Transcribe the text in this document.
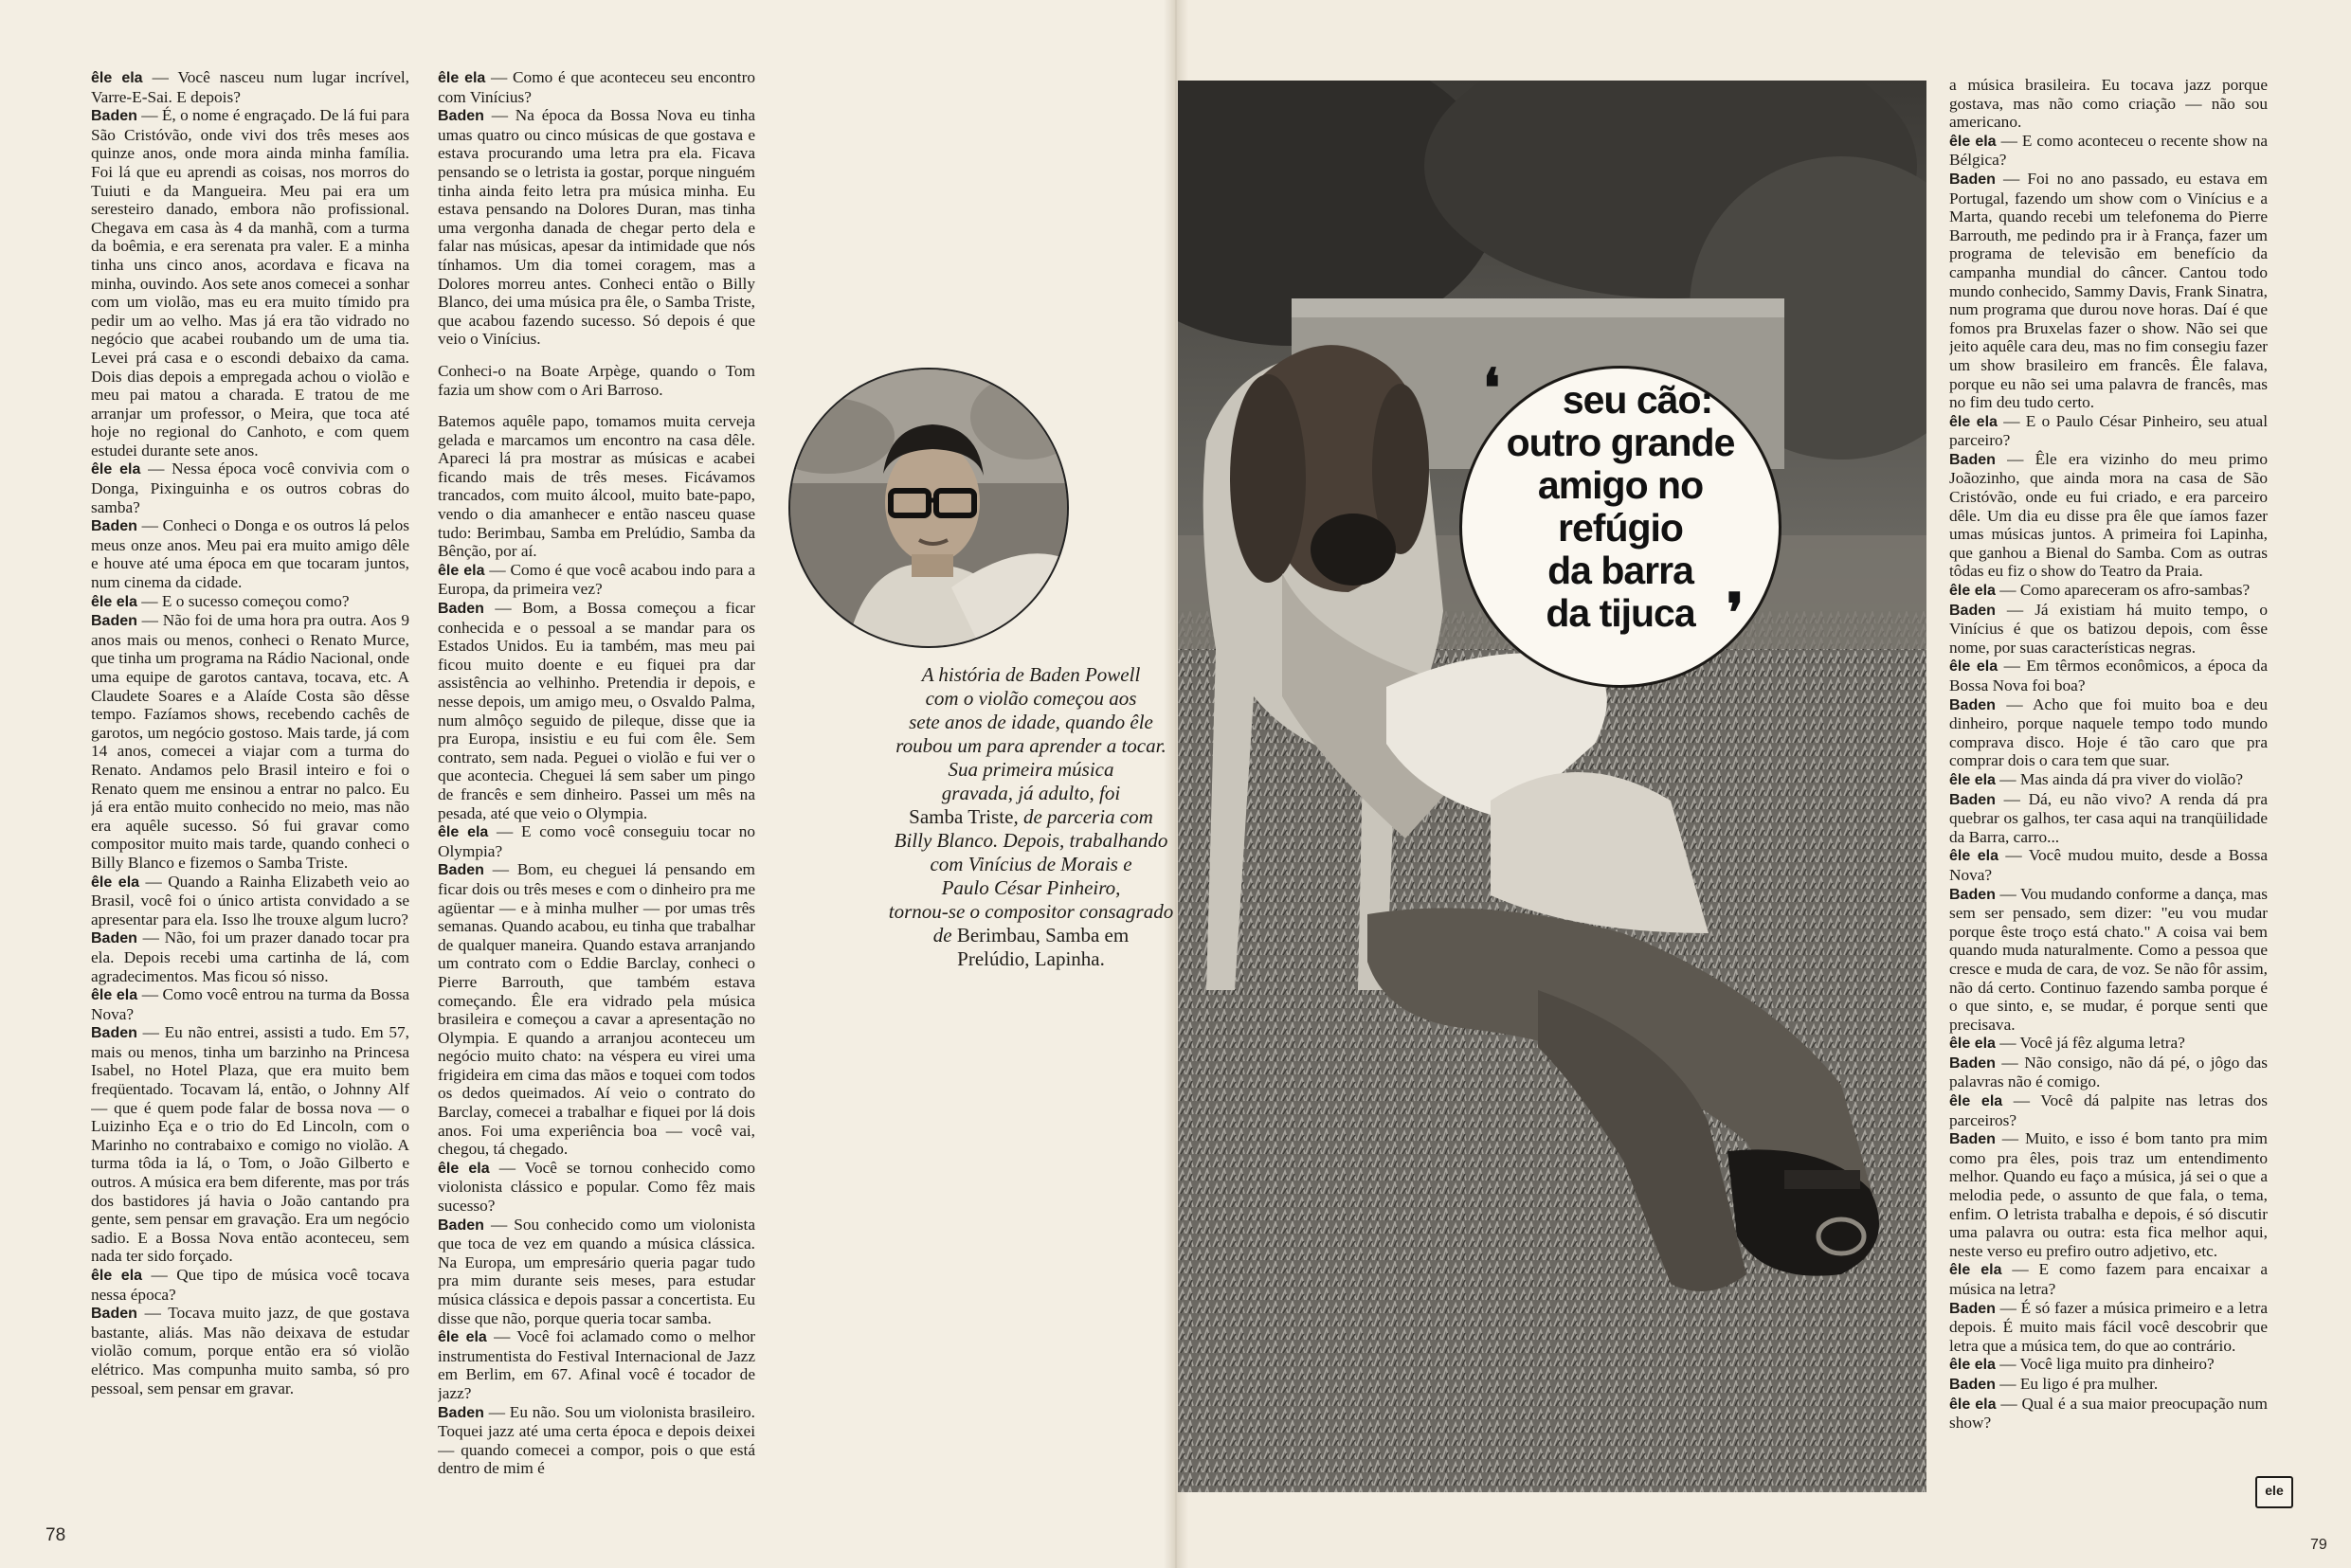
êle ela — Você nasceu num lugar incrível, Varre-E-Sai. E depois?

Baden — É, o nome é engraçado. De lá fui para São Cristóvão, onde vivi dos três meses aos quinze anos, onde mora ainda minha família. Foi lá que eu aprendi as coisas, nos morros do Tuiuti e da Mangueira. Meu pai era um seresteiro danado, embora não profissional. Chegava em casa às 4 da manhã, com a turma da boêmia, e era serenata pra valer. E a minha tinha uns cinco anos, acordava e ficava na minha, ouvindo. Aos sete anos comecei a sonhar com um violão, mas eu era muito tímido pra pedir um ao velho. Mas já era tão vidrado no negócio que acabei roubando um de uma tia. Levei prá casa e o escondi debaixo da cama. Dois dias depois a empregada achou o violão e meu pai matou a charada. E tratou de me arranjar um professor, o Meira, que toca até hoje no regional do Canhoto, e com quem estudei durante sete anos.

êle ela — Nessa época você convivia com o Donga, Pixinguinha e os outros cobras do samba?

Baden — Conheci o Donga e os outros lá pelos meus onze anos. Meu pai era muito amigo dêle e houve até uma época em que tocaram juntos, num cinema da cidade.

êle ela — E o sucesso começou como?

Baden — Não foi de uma hora pra outra. Aos 9 anos mais ou menos, conheci o Renato Murce, que tinha um programa na Rádio Nacional, onde uma equipe de garotos cantava, tocava, etc. A Claudete Soares e a Alaíde Costa são dêsse tempo. Fazíamos shows, recebendo cachês de garotos, um negócio gostoso. Mais tarde, já com 14 anos, comecei a viajar com a turma do Renato. Andamos pelo Brasil inteiro e foi o Renato quem me ensinou a entrar no palco. Eu já era então muito conhecido no meio, mas não era aquêle sucesso. Só fui gravar como compositor muito mais tarde, quando conheci o Billy Blanco e fizemos o Samba Triste.

êle ela — Quando a Rainha Elizabeth veio ao Brasil, você foi o único artista convidado a se apresentar para ela. Isso lhe trouxe algum lucro?

Baden — Não, foi um prazer danado tocar pra ela. Depois recebi uma cartinha de lá, com agradecimentos. Mas ficou só nisso.

êle ela — Como você entrou na turma da Bossa Nova?

Baden — Eu não entrei, assisti a tudo. Em 57, mais ou menos, tinha um barzinho na Princesa Isabel, no Hotel Plaza, que era muito bem freqüentado. Tocavam lá, então, o Johnny Alf — que é quem pode falar de bossa nova — o Luizinho Eça e o trio do Ed Lincoln, com o Marinho no contrabaixo e comigo no violão. A turma tôda ia lá, o Tom, o João Gilberto e outros. A música era bem diferente, mas por trás dos bastidores já havia o João cantando pra gente, sem pensar em gravação. Era um negócio sadio. E a Bossa Nova então aconteceu, sem nada ter sido forçado.

êle ela — Que tipo de música você tocava nessa época?

Baden — Tocava muito jazz, de que gostava bastante, aliás. Mas não deixava de estudar violão comum, porque então era só violão elétrico. Mas compunha muito samba, só pro pessoal, sem pensar em gravar.

êle ela — Como é que aconteceu seu encontro com Vinícius?

Baden — Na época da Bossa Nova eu tinha umas quatro ou cinco músicas de que gostava e estava procurando uma letra pra ela. Ficava pensando se o letrista ia gostar, porque ninguém tinha ainda feito letra pra música minha. Eu estava pensando na Dolores Duran, mas tinha uma vergonha danada de chegar perto dela e falar nas músicas, apesar da intimidade que nós tínhamos. Um dia tomei coragem, mas a Dolores morreu antes. Conheci então o Billy Blanco, dei uma música pra êle, o Samba Triste, que acabou fazendo sucesso. Só depois é que veio o Vinícius.

Conheci-o na Boate Arpège, quando o Tom fazia um show com o Ari Barroso.

Batemos aquêle papo, tomamos muita cerveja gelada e marcamos um encontro na casa dêle. Apareci lá pra mostrar as músicas e acabei ficando mais de três meses. Ficávamos trancados, com muito álcool, muito bate-papo, vendo o dia amanhecer e então nasceu quase tudo: Berimbau, Samba em Prelúdio, Samba da Bênção, por aí.

êle ela — Como é que você acabou indo para a Europa, da primeira vez?

Baden — Bom, a Bossa começou a ficar conhecida e o pessoal a se mandar para os Estados Unidos. Eu ia também, mas meu pai ficou muito doente e eu fiquei pra dar assistência ao velhinho. Pretendia ir depois, e nesse depois, um amigo meu, o Osvaldo Palma, num almôço seguido de pileque, disse que ia pra Europa, insistiu e eu fui com êle. Sem contrato, sem nada. Peguei o violão e fui ver o que acontecia. Cheguei lá sem saber um pingo de francês e sem dinheiro. Passei um mês na pesada, até que veio o Olympia.

êle ela — E como você conseguiu tocar no Olympia?

Baden — Bom, eu cheguei lá pensando em ficar dois ou três meses e com o dinheiro pra me agüentar — e à minha mulher — por umas três semanas. Quando acabou, eu tinha que trabalhar de qualquer maneira. Quando estava arranjando um contrato com o Eddie Barclay, conheci o Pierre Barrouth, que também estava começando. Êle era vidrado pela música brasileira e começou a cavar a apresentação no Olympia. E quando a arranjou aconteceu um negócio muito chato: na véspera eu virei uma frigideira em cima das mãos e toquei com todos os dedos queimados. Aí veio o contrato do Barclay, comecei a trabalhar e fiquei por lá dois anos. Foi uma experiência boa — você vai, chegou, tá chegado.

êle ela — Você se tornou conhecido como violonista clássico e popular. Como fêz mais sucesso?

Baden — Sou conhecido como um violonista que toca de vez em quando a música clássica. Na Europa, um empresário queria pagar tudo pra mim durante seis meses, para estudar música clássica e depois passar a concertista. Eu disse que não, porque queria tocar samba.

êle ela — Você foi aclamado como o melhor instrumentista do Festival Internacional de Jazz em Berlim, em 67. Afinal você é tocador de jazz?

Baden — Eu não. Sou um violonista brasileiro. Toquei jazz até uma certa época e depois deixei — quando comecei a compor, pois o que está dentro de mim é

A história de Baden Powell
com o violão começou aos
sete anos de idade, quando êle
roubou um para aprender a tocar.
Sua primeira música
gravada, já adulto, foi
Samba Triste, de parceria com
Billy Blanco. Depois, trabalhando
com Vinícius de Morais e
Paulo César Pinheiro,
tornou-se o compositor consagrado
de Berimbau, Samba em
Prelúdio, Lapinha.
❛	seu cão:
outro grande
amigo no
refúgio
da barra
da tijuca ❜

a música brasileira. Eu tocava jazz porque gostava, mas não como criação — não sou americano.

êle ela — E como aconteceu o recente show na Bélgica?

Baden — Foi no ano passado, eu estava em Portugal, fazendo um show com o Vinícius e a Marta, quando recebi um telefonema do Pierre Barrouth, me pedindo pra ir à França, fazer um programa de televisão em benefício da campanha mundial do câncer. Cantou todo mundo conhecido, Sammy Davis, Frank Sinatra, num programa que durou nove horas. Daí é que fomos pra Bruxelas fazer o show. Não sei que jeito aquêle cara deu, mas no fim consegiu fazer um show brasileiro em francês. Êle falava, porque eu não sei uma palavra de francês, mas no fim deu tudo certo.

êle ela — E o Paulo César Pinheiro, seu atual parceiro?

Baden — Êle era vizinho do meu primo Joãozinho, que ainda mora na casa de São Cristóvão, onde eu fui criado, e era parceiro dêle. Um dia eu disse pra êle que íamos fazer umas músicas juntos. A primeira foi Lapinha, que ganhou a Bienal do Samba. Com as outras tôdas eu fiz o show do Teatro da Praia.

êle ela — Como apareceram os afro-sambas?

Baden — Já existiam há muito tempo, o Vinícius é que os batizou depois, com êsse nome, por suas características negras.

êle ela — Em têrmos econômicos, a época da Bossa Nova foi boa?

Baden — Acho que foi muito boa e deu dinheiro, porque naquele tempo todo mundo comprava disco. Hoje é tão caro que pra comprar dois o cara tem que suar.

êle ela — Mas ainda dá pra viver do violão?

Baden — Dá, eu não vivo? A renda dá pra quebrar os galhos, ter casa aqui na tranqüilidade da Barra, carro...

êle ela — Você mudou muito, desde a Bossa Nova?

Baden — Vou mudando conforme a dança, mas sem ser pensado, sem dizer: "eu vou mudar porque êste troço está chato." A coisa vai bem quando muda naturalmente. Como a pessoa que cresce e muda de cara, de voz. Se não fôr assim, não dá certo. Continuo fazendo samba porque é o que sinto, e, se mudar, é porque senti que precisava.

êle ela — Você já fêz alguma letra?

Baden — Não consigo, não dá pé, o jôgo das palavras não é comigo.

êle ela — Você dá palpite nas letras dos parceiros?

Baden — Muito, e isso é bom tanto pra mim como pra êles, pois traz um entendimento melhor. Quando eu faço a música, já sei o que a melodia pede, o assunto de que fala, o tema, enfim. O letrista trabalha e depois, é só discutir uma palavra ou outra: esta fica melhor aqui, neste verso eu prefiro outro adjetivo, etc.

êle ela — E como fazem para encaixar a música na letra?

Baden — É só fazer a música primeiro e a letra depois. É muito mais fácil você descobrir que letra que a música tem, do que ao contrário.

êle ela — Você liga muito pra dinheiro?

Baden — Eu ligo é pra mulher.

êle ela — Qual é a sua maior preocupação num show?

ele
78	79
